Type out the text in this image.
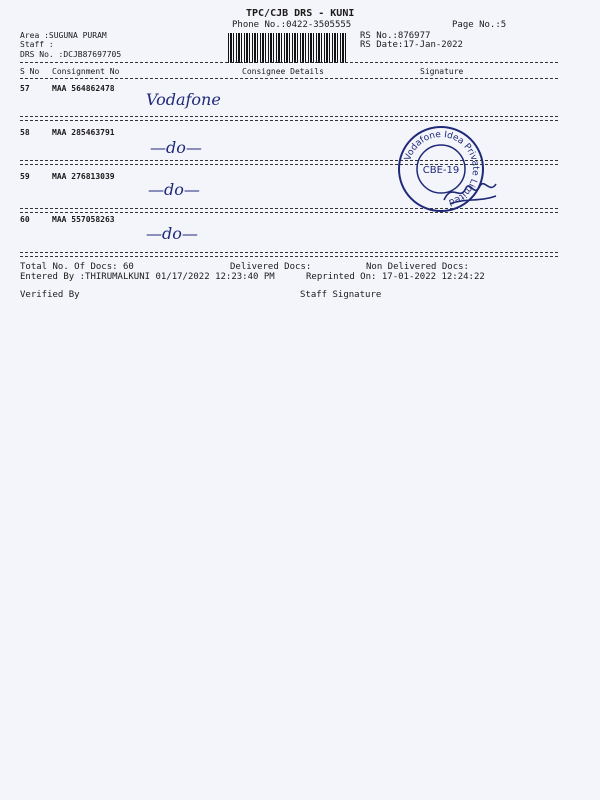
TPC/CJB DRS - KUNI
Phone No.:0422-3505555	Page No.:5
Area :SUGUNA PURAM
Staff :
DRS No. :DCJB87697705
RS No.:876977
RS Date:17-Jan-2022
S No Consignment No	Consignee Details	Signature
57	MAA 564862478
Vodafone
58	MAA 285463791
—do—
59	MAA 276813039
—do—
60	MAA 557058263
—do—
Vodafone Idea Private Limited
CBE-19
Total No. Of Docs: 60	Delivered Docs:	Non Delivered Docs:
Entered By :THIRUMALKUNI 01/17/2022 12:23:40 PM	Reprinted On: 17-01-2022 12:24:22
Verified By	Staff Signature
